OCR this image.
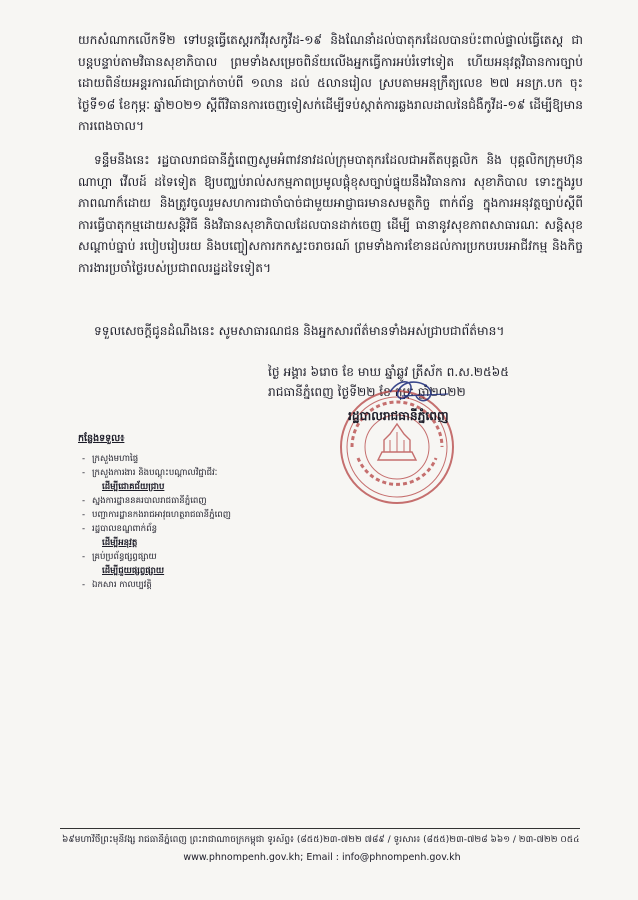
យកសំណាកលើកទី២ ទៅបន្តធ្វើតេស្តរកវីរុសកូវីដ-១៩ និងណែនាំដល់បាតុករដែលបានប៉ះពាល់ផ្ទាល់ធ្វើតេស្ត ជាបន្តបន្ទាប់តាមវិធានសុខាភិបាល ព្រមទាំងសម្រេចពិន័យលើងអ្នកធ្វើការអប់រំទៅទៀត ហើយអនុវត្តវិធានការច្បាប់ ដោយពិន័យអន្តរការណ៍ជាប្រាក់ចាប់ពី ១លាន ដល់ ៥លានរៀល ស្របតាមអនុក្រឹត្យលេខ ២៧ អនក្រ.បក ចុះថ្ងៃទី១៨ ខែកុម្ភៈ ឆ្នាំ២០២១ ស្តីពីវិធានការចេញទៀសក់ដើម្បីទប់ស្កាត់ការឆ្លងរាលដាលនៃជំងឺកូវីដ-១៩ ដើម្បីឱ្យមានការពេងចាល។

ទន្ទឹមនឹងនេះ រដ្ឋបាលរាជធានីភ្នំពេញសូមអំពាវនាវដល់ក្រុមបាតុករដែលជាអតីតបុគ្គលិក និង បុគ្គលិកក្រុមហ៊ុន ណាហ្គា វើលដ៍ ដទៃទៀត ឱ្យបញ្ឈប់រាល់សកម្មភាពប្រមូលផ្តុំខុសច្បាប់ផ្ទុយនឹងវិធានការ សុខាភិបាល ទោះក្នុងរូបភាពណាក៏ដោយ និងត្រូវចូលរួមសហការជាចាំបាច់ជាមួយអាជ្ញាធរមានសមត្ថកិច្ច ពាក់ព័ន្ធ ក្នុងការអនុវត្តច្បាប់ស្តីពីការធ្វើបាតុកម្មដោយសន្តិវិធី និងវិធានសុខាភិបាលដែលបានដាក់ចេញ ដើម្បី ធានានូវសុខភាពសាធារណៈ សន្តិសុខ សណ្តាប់ធ្នាប់ របៀបរៀបរយ និងបញ្ចៀសការកកស្ទះចរាចរណ៍ ព្រមទាំងការខែានដល់ការប្រកបរបរអាជីវកម្ម និងកិច្ចការងារប្រចាំថ្ងៃរបស់ប្រជាពលរដ្ឋដទៃទៀត។

ទទួលសេចក្តីជូនដំណឹងនេះ សូមសាធារណជន និងអ្នកសារព័ត៌មានទាំងអស់ជ្រាបជាព័ត៌មាន។

ថ្ងៃ អង្គារ ៦រោច ខែ មាឃ ឆ្នាំឆ្លូវ ត្រីស័ក ព.ស.២៥៦៥
រាជធានីភ្នំពេញ ថ្ងៃទី២២ ខែ កុម្ភៈ ឆ្នាំ២០២២
រដ្ឋបាលរាជធានីភ្នំពេញ
កន្លែងទទួល៖
- ក្រសួងមហាផ្ទៃ
- ក្រសួងការងារ និងបណ្តុះបណ្តាលវិជ្ជាជីវៈ
ដើម្បីជោគជ័យជ្រាប
- ស្នងការដ្ឋាននគរបាលរាជធានីភ្នំពេញ
- បញ្ជាការដ្ឋានកងរាជអាវុធហត្ថរាជធានីភ្នំពេញ
- រដ្ឋបាលខណ្ឌពាក់ព័ន្ធ
ដើម្បីអនុវត្ត
- គ្រប់ប្រព័ន្ធផ្សព្វផ្សាយ
ដើម្បីជួយផ្សព្វផ្សាយ
- ឯកសារ កាលប្បវត្តិ
៦៩មហាវិថីព្រះមុនីវង្ស រាជធានីភ្នំពេញ ព្រះរាជាណាចក្រកម្ពុជា ទូរស័ព្ទ៖ (៨៥៥)២៣-៧២២ ៧៨៩ / ទូរសារ៖ (៨៥៥)២៣-៧២៨ ៦៦១ / ២៣-៧២២ ០៥៤
www.phnompenh.gov.kh; Email : info@phnompenh.gov.kh
